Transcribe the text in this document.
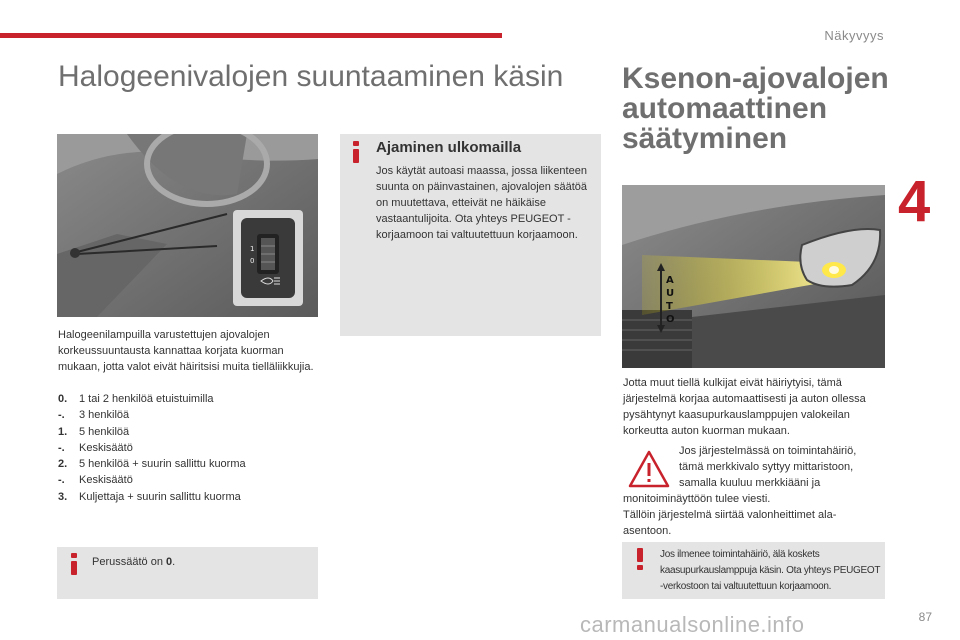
Näkyvyys
4
Halogeenivalojen suuntaaminen käsin Ksenon-ajovalojen automaattinen säätyminen
1
0
Ajaminen ulkomailla
Jos käytät autoasi maassa, jossa liikenteen suunta on päinvastainen, ajovalojen säätöä on muutettava, etteivät ne häikäise vastaantulijoita. Ota yhteys PEUGEOT -korjaamoon tai valtuutettuun korjaamoon.
Halogeenilampuilla varustettujen ajovalojen korkeussuuntausta kannattaa korjata kuorman mukaan, jotta valot eivät häiritsisi muita tielläliikkujia.
0.	1 tai 2 henkilöä etuistuimilla
-.	3 henkilöä
1.	5 henkilöä
-.	Keskisäätö
2.	5 henkilöä + suurin sallittu kuorma
-.	Keskisäätö
3.	Kuljettaja + suurin sallittu kuorma
Perussäätö on 0.
A
U
T
O
Jotta muut tiellä kulkijat eivät häiriytyisi, tämä järjestelmä korjaa automaattisesti ja auton ollessa pysähtynyt kaasupurkauslamppujen valokeilan korkeutta auton kuorman mukaan.
Jos järjestelmässä on toimintahäiriö, tämä merkkivalo syttyy mittaristoon, samalla kuuluu merkkiääni ja
monitoiminäyttöön tulee viesti.
Tällöin järjestelmä siirtää valonheittimet ala-asentoon.
Jos ilmenee toimintahäiriö, älä koskets kaasupurkauslamppuja käsin. Ota yhteys PEUGEOT -verkostoon tai valtuutettuun korjaamoon.
carmanualsonline.info	87
